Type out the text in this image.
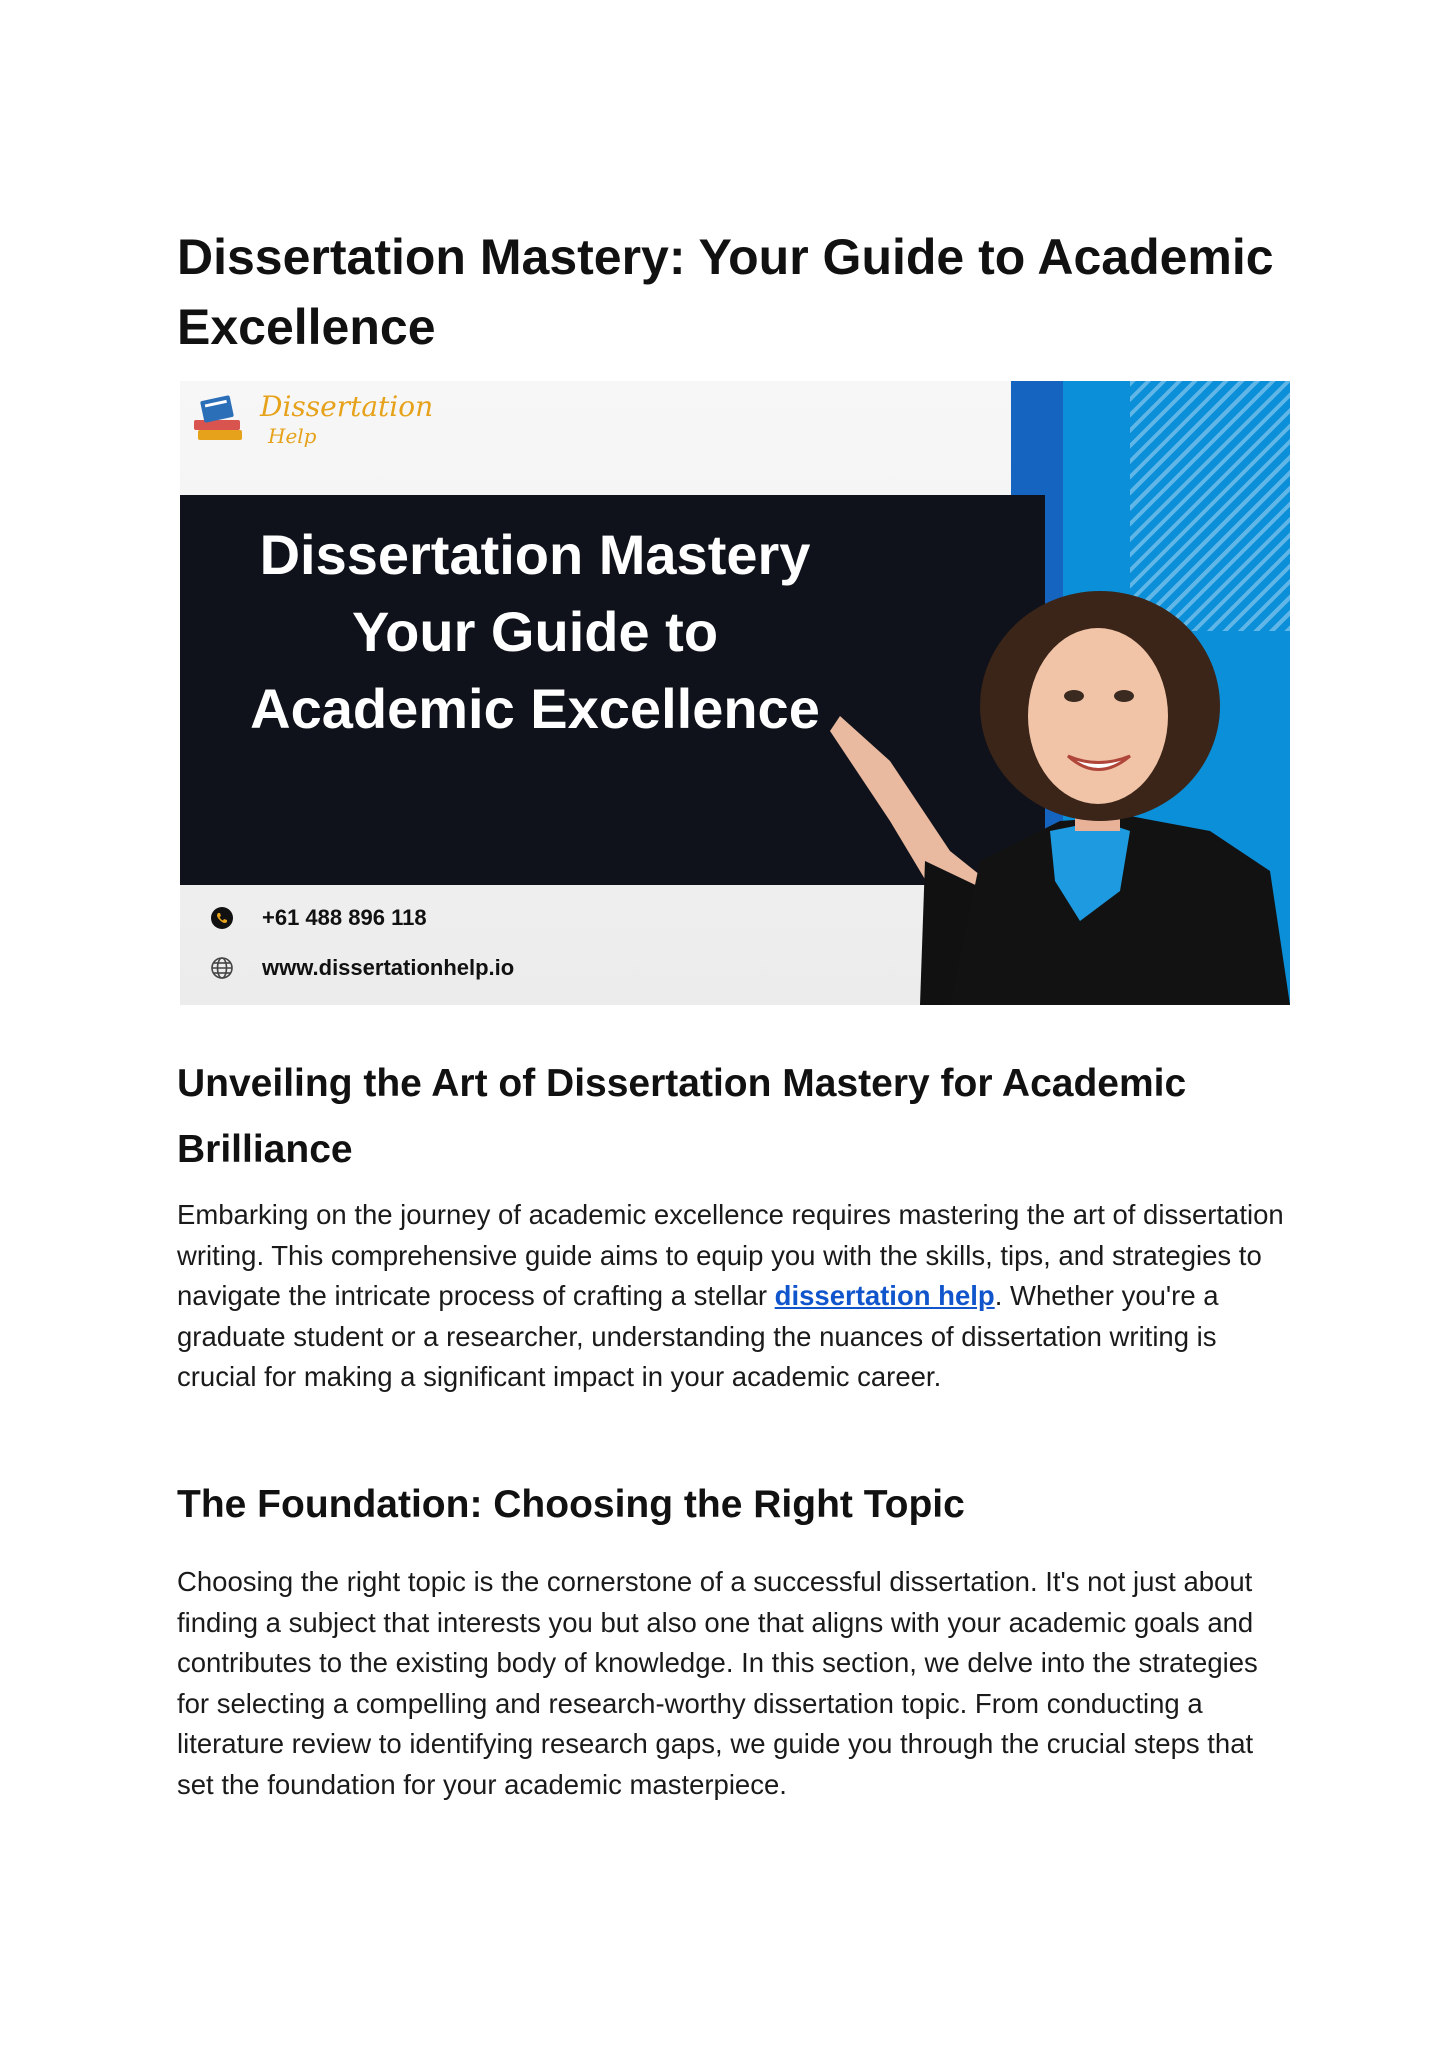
Dissertation Mastery: Your Guide to Academic Excellence
Dissertation
Help
Dissertation Mastery
Your Guide to
Academic Excellence
+61 488 896 118
www.dissertationhelp.io
Unveiling the Art of Dissertation Mastery for Academic Brilliance

Embarking on the journey of academic excellence requires mastering the art of dissertation writing. This comprehensive guide aims to equip you with the skills, tips, and strategies to navigate the intricate process of crafting a stellar dissertation help. Whether you're a graduate student or a researcher, understanding the nuances of dissertation writing is crucial for making a significant impact in your academic career.

The Foundation: Choosing the Right Topic

Choosing the right topic is the cornerstone of a successful dissertation. It's not just about finding a subject that interests you but also one that aligns with your academic goals and contributes to the existing body of knowledge. In this section, we delve into the strategies for selecting a compelling and research-worthy dissertation topic. From conducting a literature review to identifying research gaps, we guide you through the crucial steps that set the foundation for your academic masterpiece.
